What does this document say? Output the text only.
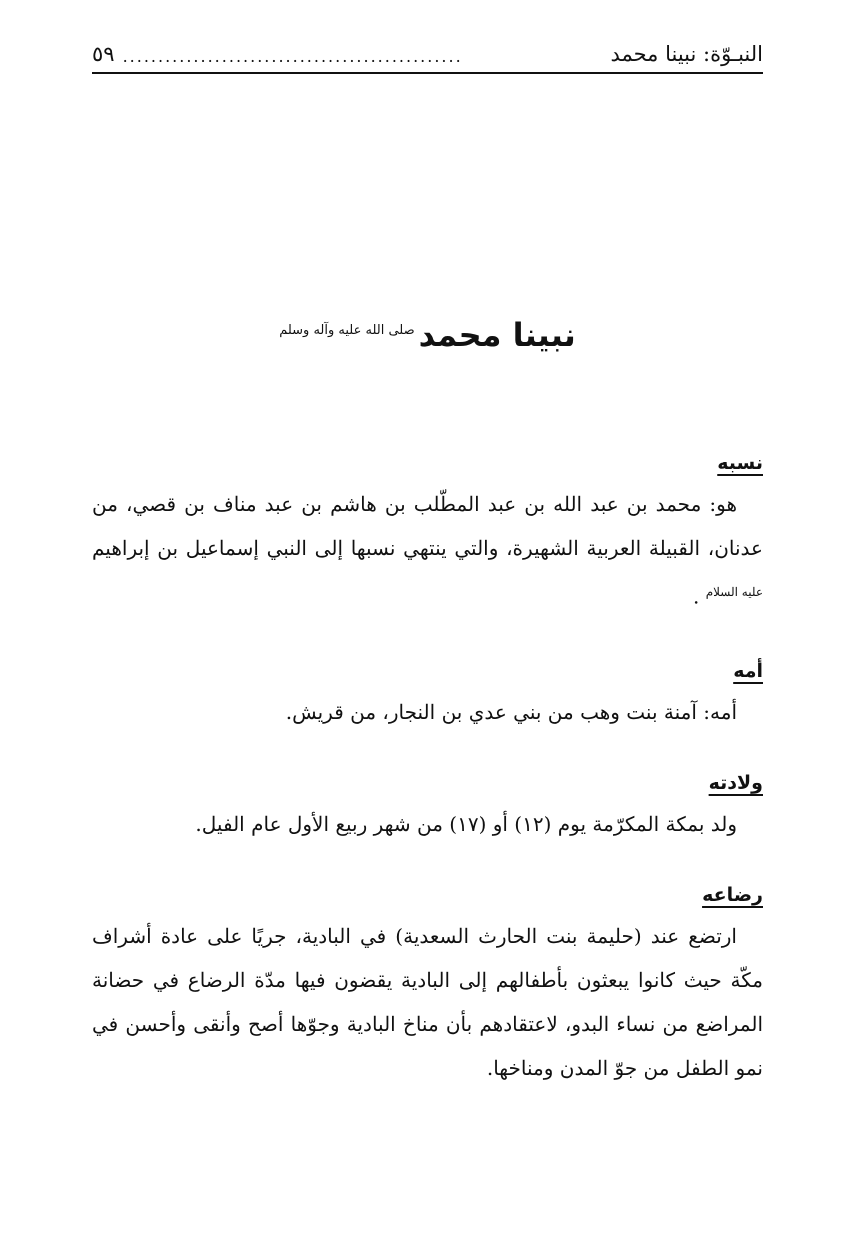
النبـوّة: نبينا محمد
................................................
٥٩
نبينا محمد$^{صلى الله عليه وآله وسلم}$
نسبه
هو: محمد بن عبد الله بن عبد المطّلب بن هاشم بن عبد مناف بن قصي، من عدنان، القبيلة العربية الشهيرة، والتي ينتهي نسبها إلى النبي إسماعيل بن إبراهيم $^{عليه السلام}$ .
أمه
أمه: آمنة بنت وهب من بني عدي بن النجار، من قريش.
ولادته
ولد بمكة المكرّمة يوم (١٢) أو (١٧) من شهر ربيع الأول عام الفيل.
رضاعه
ارتضع عند (حليمة بنت الحارث السعدية) في البادية، جريًا على عادة أشراف مكّة حيث كانوا يبعثون بأطفالهم إلى البادية يقضون فيها مدّة الرضاع في حضانة المراضع من نساء البدو، لاعتقادهم بأن مناخ البادية وجوّها أصح وأنقى وأحسن في نمو الطفل من جوّ المدن ومناخها.
